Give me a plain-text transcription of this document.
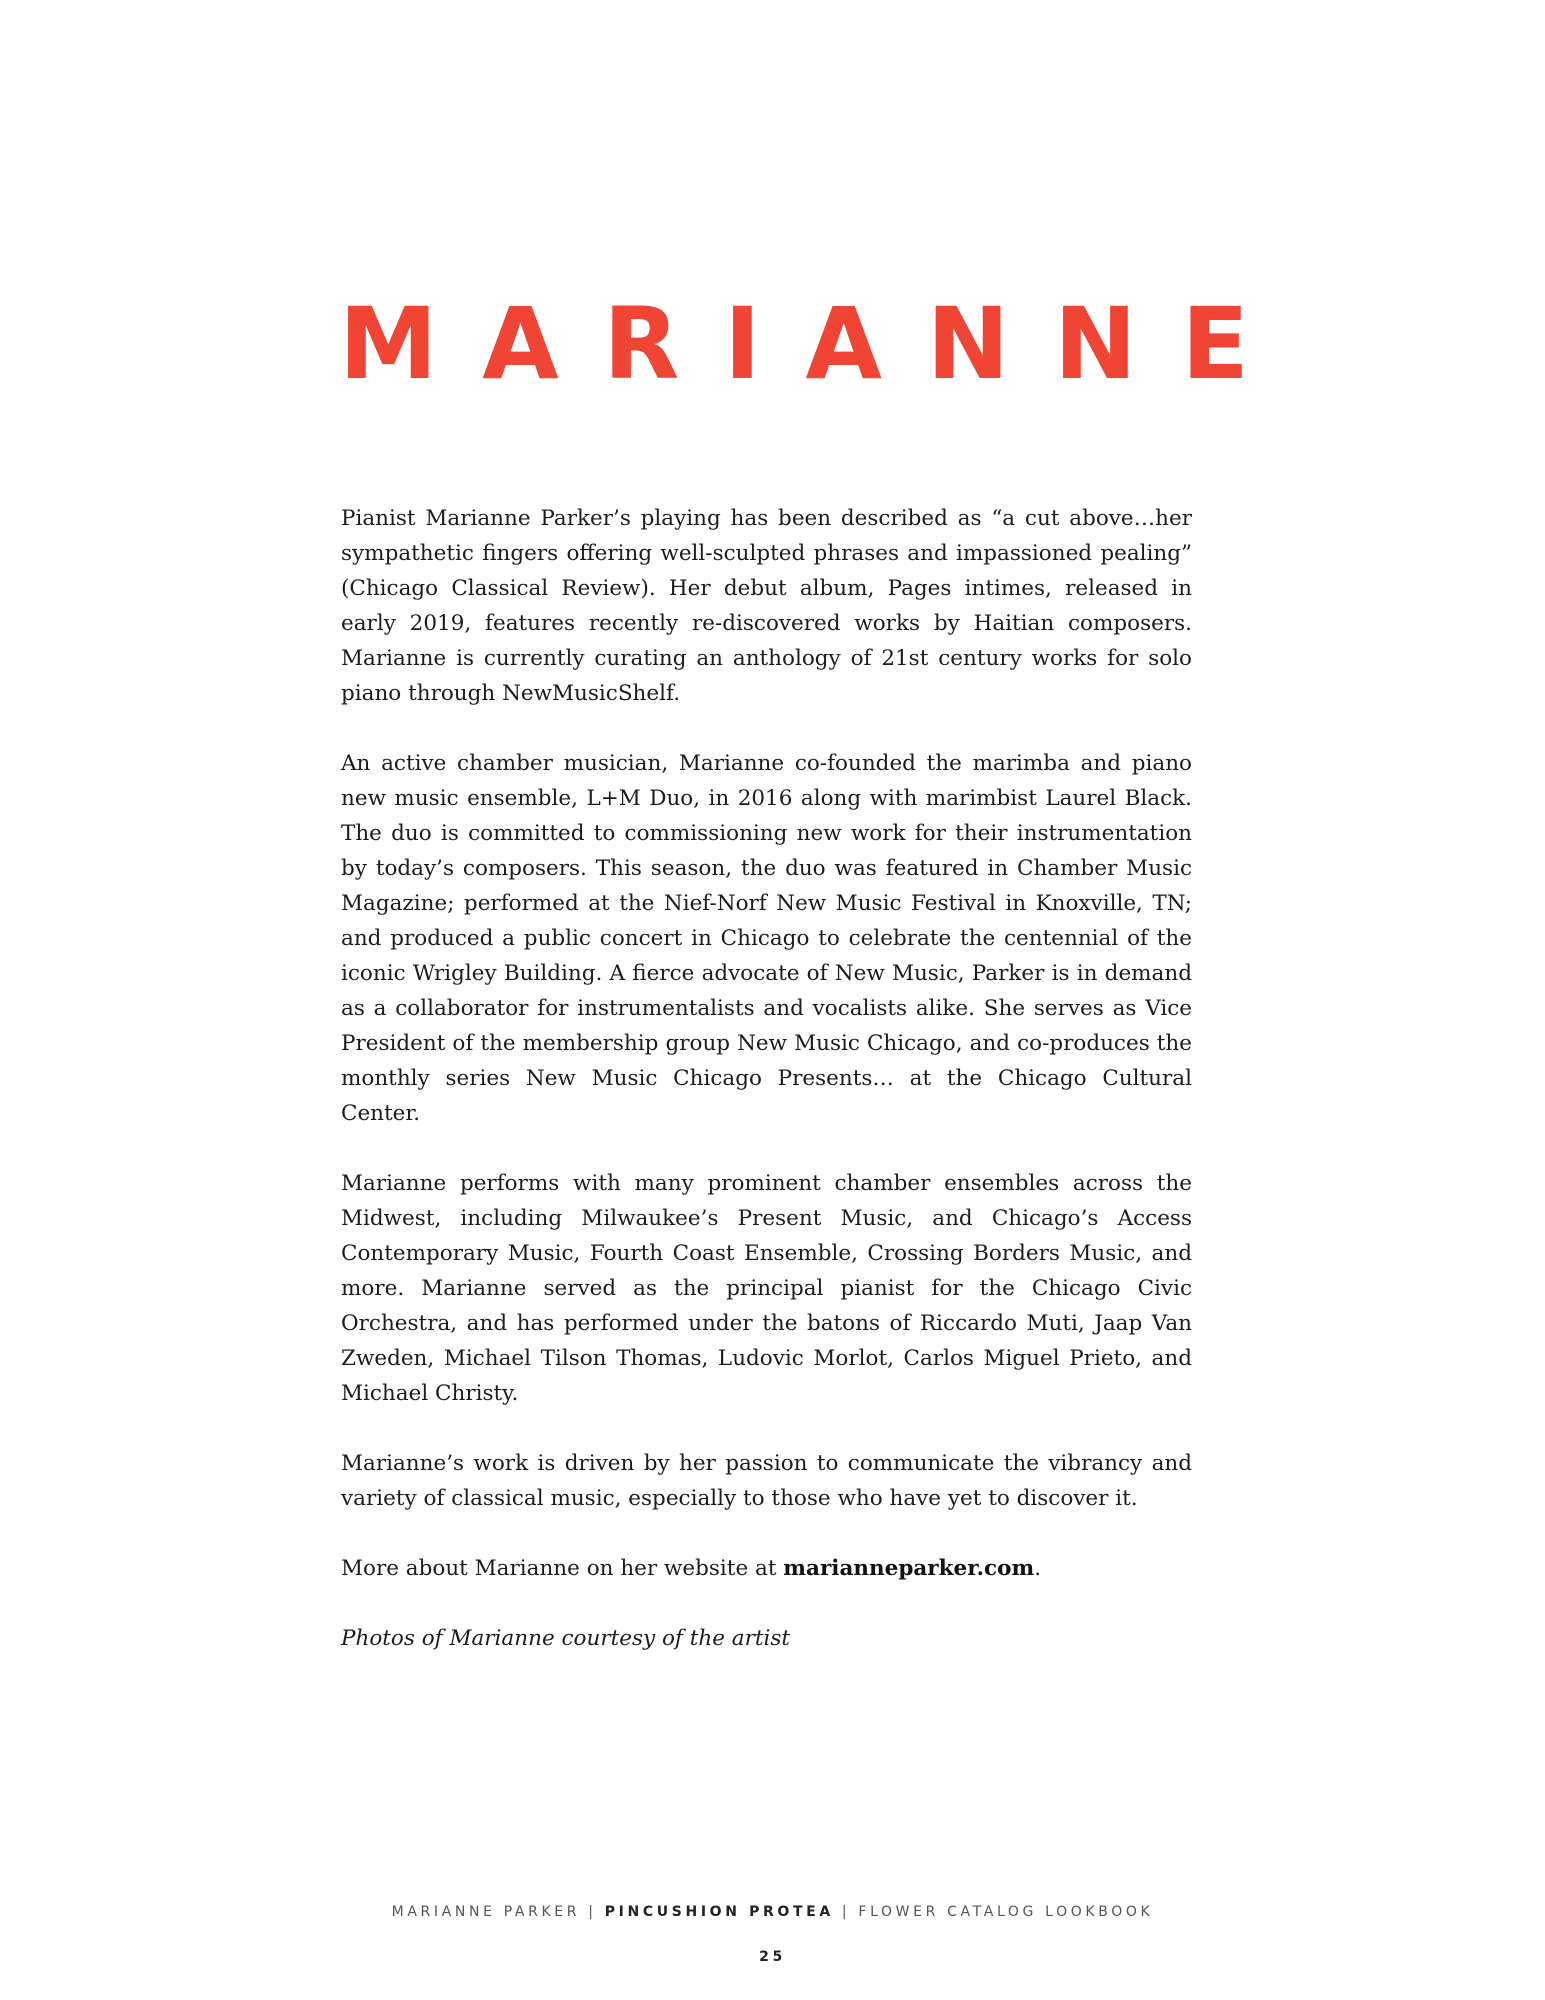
MARIANNE

Pianist Marianne Parker’s playing has been described as “a cut above…her sympathetic fingers offering well-sculpted phrases and impassioned pealing” (Chicago Classical Review). Her debut album, Pages intimes, released in early 2019, features recently re-discovered works by Haitian composers. Marianne is currently curating an anthology of 21st century works for solo piano through NewMusicShelf.

An active chamber musician, Marianne co-founded the marimba and piano new music ensemble, L+M Duo, in 2016 along with marimbist Laurel Black. The duo is committed to commissioning new work for their instrumentation by today’s composers. This season, the duo was featured in Chamber Music Magazine; performed at the Nief-Norf New Music Festival in Knoxville, TN; and produced a public concert in Chicago to celebrate the centennial of the iconic Wrigley Building. A fierce advocate of New Music, Parker is in demand as a collaborator for instrumentalists and vocalists alike. She serves as Vice President of the membership group New Music Chicago, and co-produces the monthly series New Music Chicago Presents… at the Chicago Cultural Center.

Marianne performs with many prominent chamber ensembles across the Midwest, including Milwaukee’s Present Music, and Chicago’s Access Contemporary Music, Fourth Coast Ensemble, Crossing Borders Music, and more. Marianne served as the principal pianist for the Chicago Civic Orchestra, and has performed under the batons of Riccardo Muti, Jaap Van Zweden, Michael Tilson Thomas, Ludovic Morlot, Carlos Miguel Prieto, and Michael Christy.

Marianne’s work is driven by her passion to communicate the vibrancy and variety of classical music, especially to those who have yet to discover it.

More about Marianne on her website at marianneparker.com.

Photos of Marianne courtesy of the artist

MARIANNE PARKER | PINCUSHION PROTEA | FLOWER CATALOG LOOKBOOK
25
